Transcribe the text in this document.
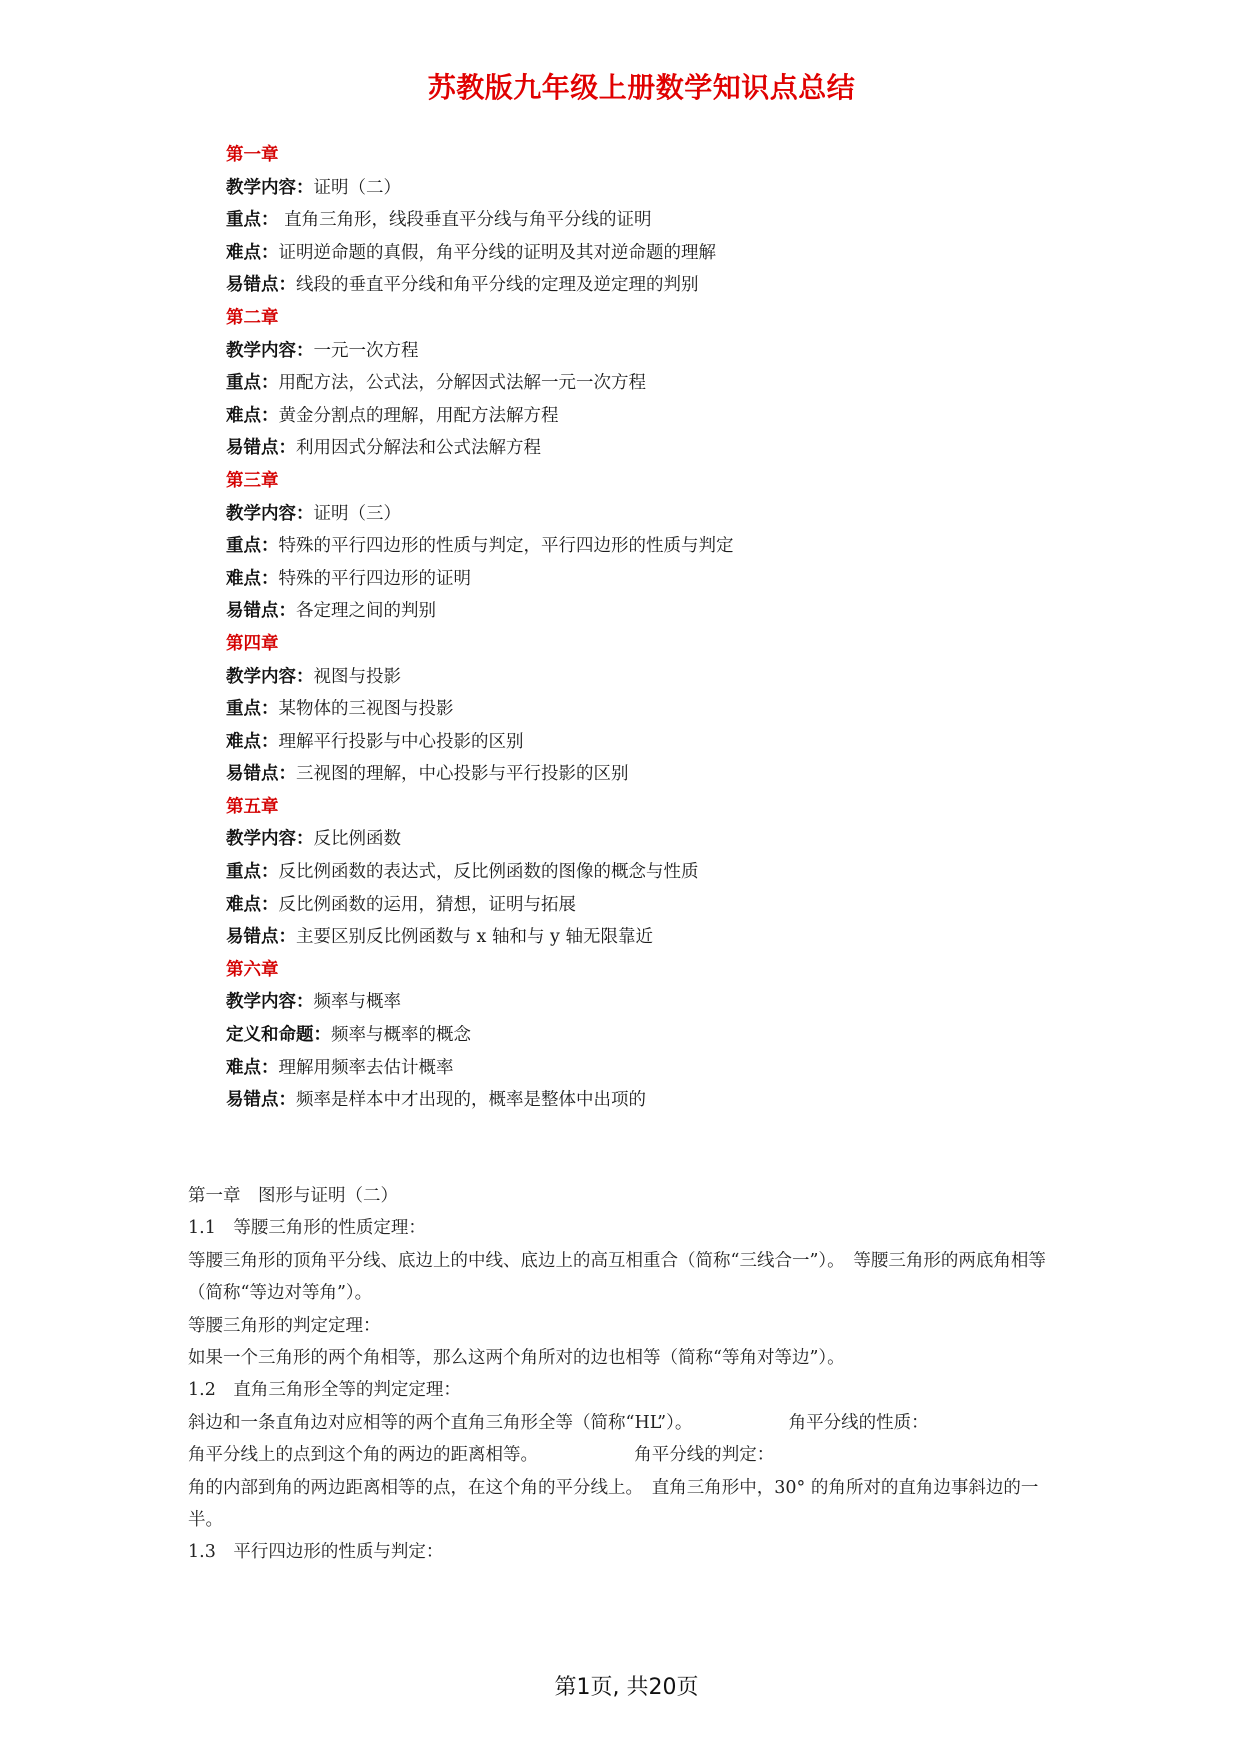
苏教版九年级上册数学知识点总结
第一章
教学内容：证明（二）
重点： 直角三角形，线段垂直平分线与角平分线的证明
难点：证明逆命题的真假，角平分线的证明及其对逆命题的理解
易错点：线段的垂直平分线和角平分线的定理及逆定理的判别
第二章
教学内容：一元一次方程
重点：用配方法，公式法，分解因式法解一元一次方程
难点：黄金分割点的理解，用配方法解方程
易错点：利用因式分解法和公式法解方程
第三章
教学内容：证明（三）
重点：特殊的平行四边形的性质与判定，平行四边形的性质与判定
难点：特殊的平行四边形的证明
易错点：各定理之间的判别
第四章
教学内容：视图与投影
重点：某物体的三视图与投影
难点：理解平行投影与中心投影的区别
易错点：三视图的理解，中心投影与平行投影的区别
第五章
教学内容：反比例函数
重点：反比例函数的表达式，反比例函数的图像的概念与性质
难点：反比例函数的运用，猜想，证明与拓展
易错点：主要区别反比例函数与 x 轴和与 y 轴无限靠近
第六章
教学内容：频率与概率
定义和命题：频率与概率的概念
难点：理解用频率去估计概率
易错点：频率是样本中才出现的，概率是整体中出项的
第一章　图形与证明（二）
1.1　等腰三角形的性质定理：
等腰三角形的顶角平分线、底边上的中线、底边上的高互相重合（简称“三线合一”）。　等腰三角形的两底角相等（简称“等边对等角”）。
等腰三角形的判定定理：
如果一个三角形的两个角相等，那么这两个角所对的边也相等（简称“等角对等边”）。
1.2　直角三角形全等的判定定理：
斜边和一条直角边对应相等的两个直角三角形全等（简称“HL”）。　　　　　　角平分线的性质：
角平分线上的点到这个角的两边的距离相等。　　　　　　角平分线的判定：
角的内部到角的两边距离相等的点，在这个角的平分线上。　直角三角形中，30° 的角所对的直角边事斜边的一半。
1.3　平行四边形的性质与判定：
第1页, 共20页
